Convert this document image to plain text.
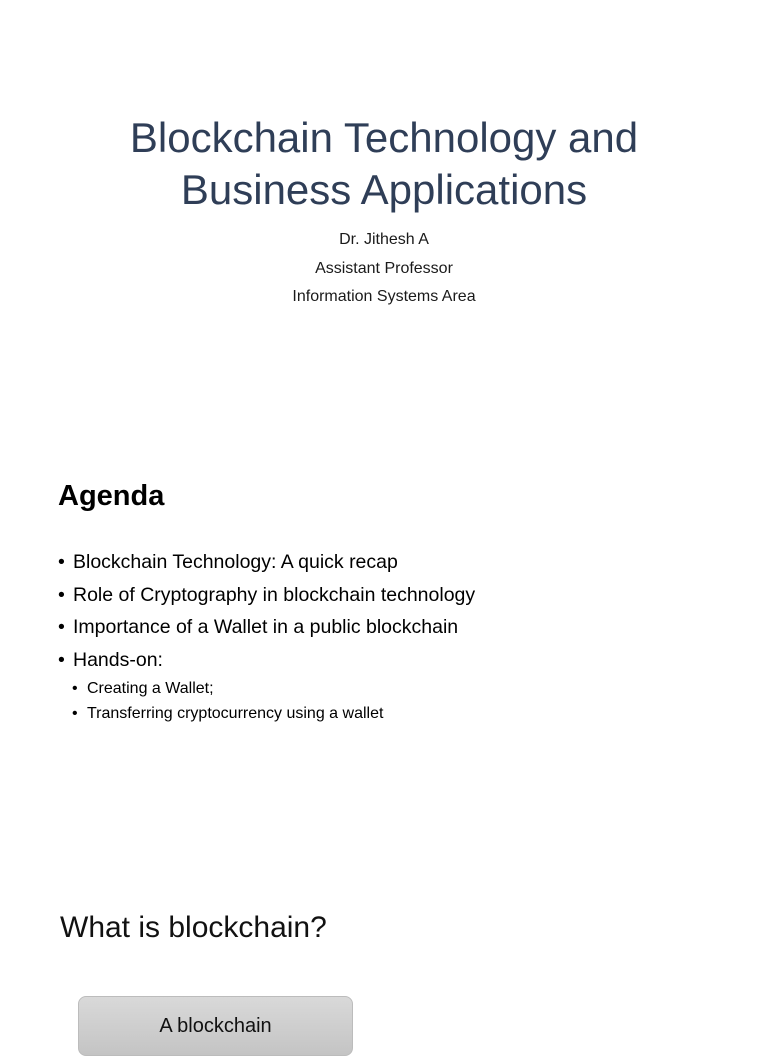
Blockchain Technology and
Business Applications
Dr. Jithesh A
Assistant Professor
Information Systems Area
Agenda
• Blockchain Technology: A quick recap
• Role of Cryptography in blockchain technology
• Importance of a Wallet in a public blockchain
• Hands-on:
• Creating a Wallet;
• Transferring cryptocurrency using a wallet
What is blockchain?
A blockchain
